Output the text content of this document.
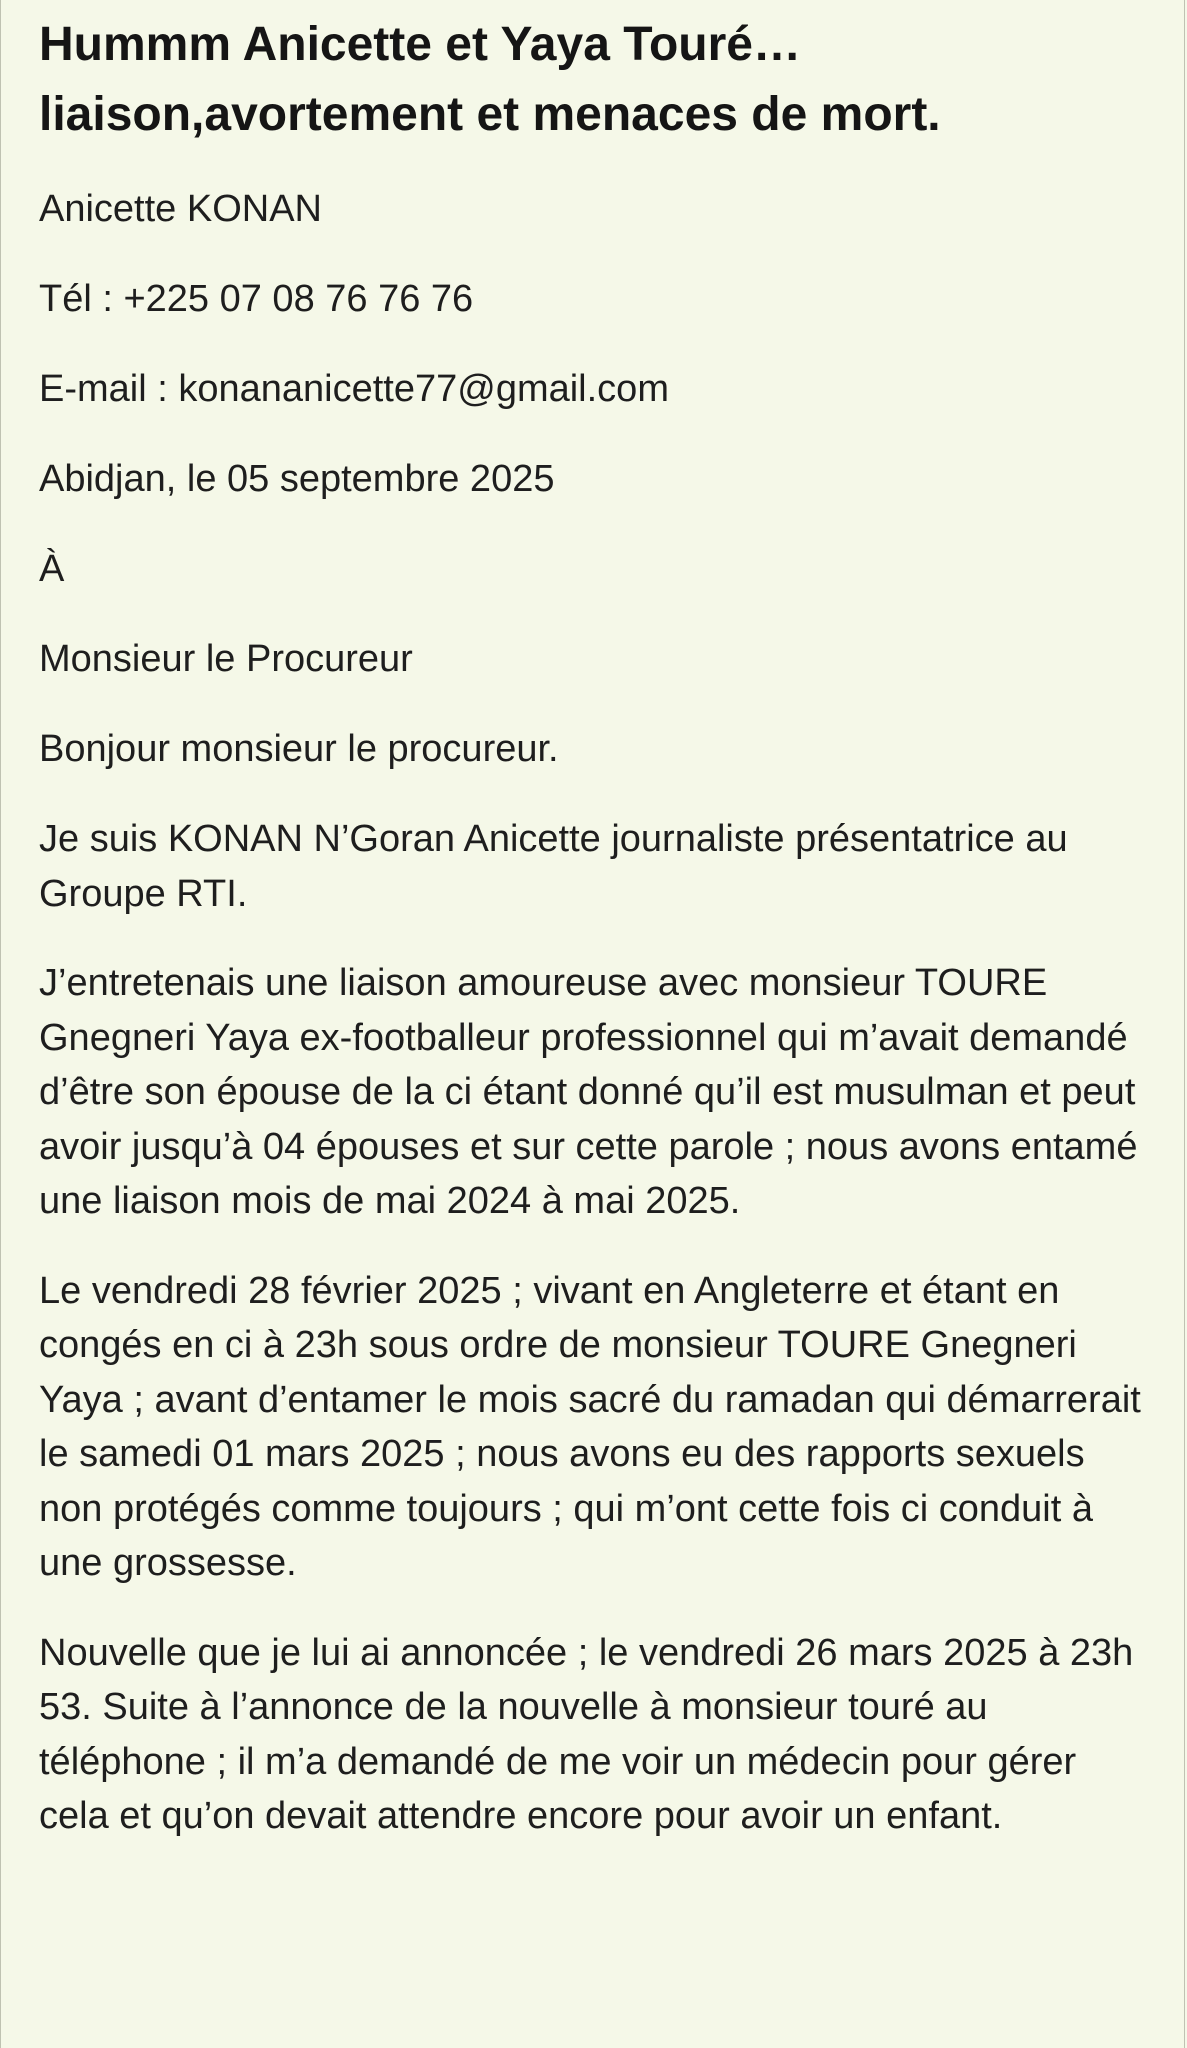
Hummm Anicette et Yaya Touré…liaison,avortement et menaces de mort.
Anicette KONAN
Tél : +225 07 08 76 76 76
E-mail : konananicette77@gmail.com
Abidjan, le 05 septembre 2025
À
Monsieur le Procureur
Bonjour monsieur le procureur.
Je suis KONAN N’Goran Anicette journaliste présentatrice au Groupe RTI.
J’entretenais une liaison amoureuse avec monsieur TOURE Gnegneri Yaya ex-footballeur professionnel qui m’avait demandé d’être son épouse de la ci étant donné qu’il est musulman et peut avoir jusqu’à 04 épouses et sur cette parole ; nous avons entamé une liaison mois de mai 2024 à mai 2025.
Le vendredi 28 février 2025 ; vivant en Angleterre et étant en congés en ci à 23h sous ordre de monsieur TOURE Gnegneri Yaya ; avant d’entamer le mois sacré du ramadan qui démarrerait le samedi 01 mars 2025 ; nous avons eu des rapports sexuels non protégés comme toujours ; qui m’ont cette fois ci conduit à une grossesse.
Nouvelle que je lui ai annoncée ; le vendredi 26 mars 2025 à 23h 53. Suite à l’annonce de la nouvelle à monsieur touré au téléphone ; il m’a demandé de me voir un médecin pour gérer cela et qu’on devait attendre encore pour avoir un enfant.
